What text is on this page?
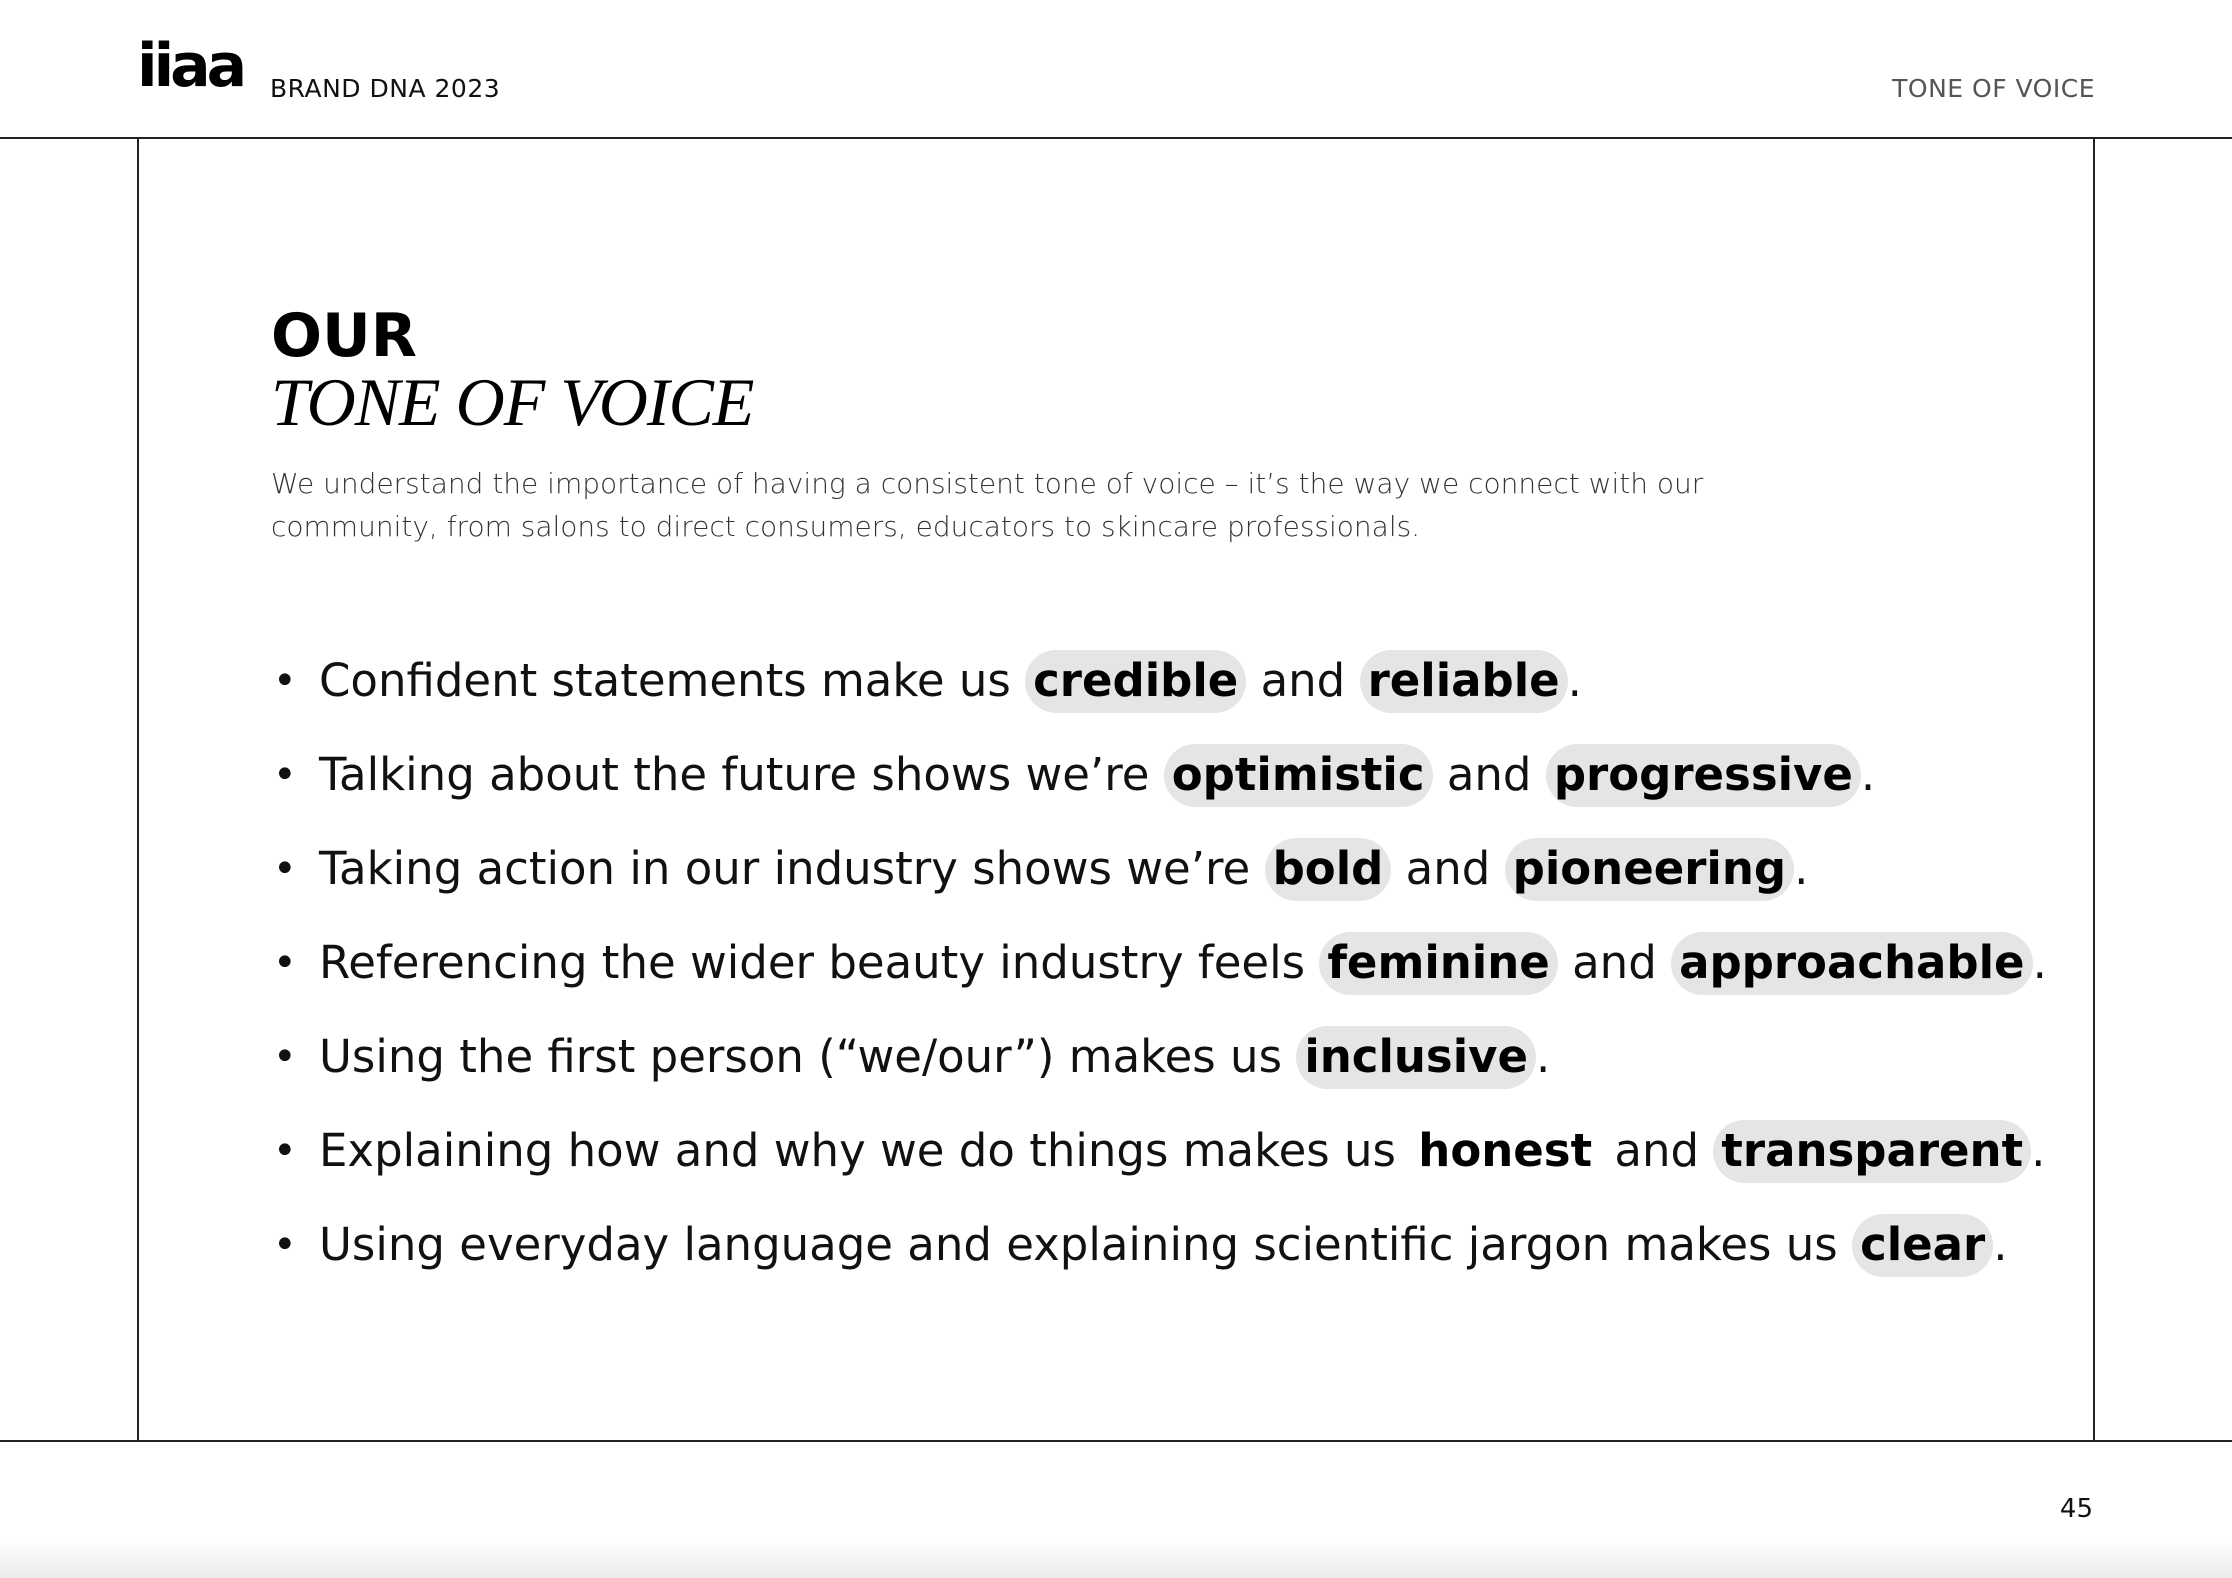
iiaa BRAND DNA 2023	TONE OF VOICE
OUR
TONE OF VOICE
We understand the importance of having a consistent tone of voice – it’s the way we connect with our community, from salons to direct consumers, educators to skincare professionals.
• Confident statements make us credible and reliable .
• Talking about the future shows we’re optimistic and progressive .
• Taking action in our industry shows we’re bold and pioneering .
• Referencing the wider beauty industry feels feminine and approachable .
• Using the first person (“we/our”) makes us inclusive .
• Explaining how and why we do things makes us honest and transparent .
• Using everyday language and explaining scientific jargon makes us clear .
45
